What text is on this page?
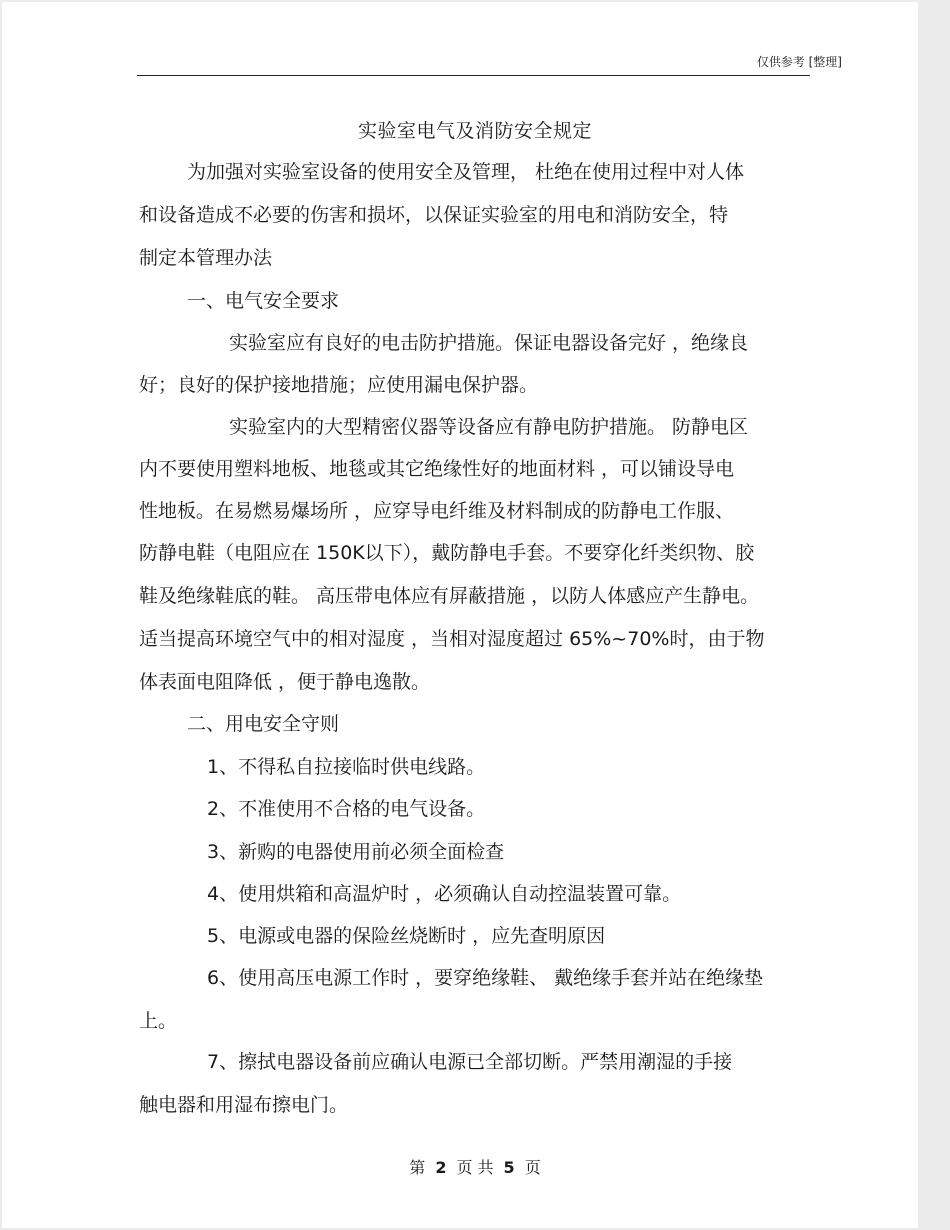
仅供参考 [整理]
实验室电气及消防安全规定
为加强对实验室设备的使用安全及管理， 杜绝在使用过程中对人体
和设备造成不必要的伤害和损坏，以保证实验室的用电和消防安全，特
制定本管理办法
一、电气安全要求
实验室应有良好的电击防护措施。保证电器设备完好 ，绝缘良
好；良好的保护接地措施；应使用漏电保护器。
实验室内的大型精密仪器等设备应有静电防护措施。 防静电区
内不要使用塑料地板、地毯或其它绝缘性好的地面材料 ，可以铺设导电
性地板。在易燃易爆场所 ，应穿导电纤维及材料制成的防静电工作服、
防静电鞋（电阻应在 150K以下），戴防静电手套。不要穿化纤类织物、胶
鞋及绝缘鞋底的鞋。 高压带电体应有屏蔽措施 ，以防人体感应产生静电。
适当提高环境空气中的相对湿度 ，当相对湿度超过 65%~70%时，由于物
体表面电阻降低 ，便于静电逸散。
二、用电安全守则
1、不得私自拉接临时供电线路。
2、不准使用不合格的电气设备。
3、新购的电器使用前必须全面检查
4、使用烘箱和高温炉时 ，必须确认自动控温装置可靠。
5、电源或电器的保险丝烧断时 ，应先查明原因
6、使用高压电源工作时 ，要穿绝缘鞋、 戴绝缘手套并站在绝缘垫
上。
7、擦拭电器设备前应确认电源已全部切断。严禁用潮湿的手接
触电器和用湿布擦电门。
第 2 页 共 5 页
